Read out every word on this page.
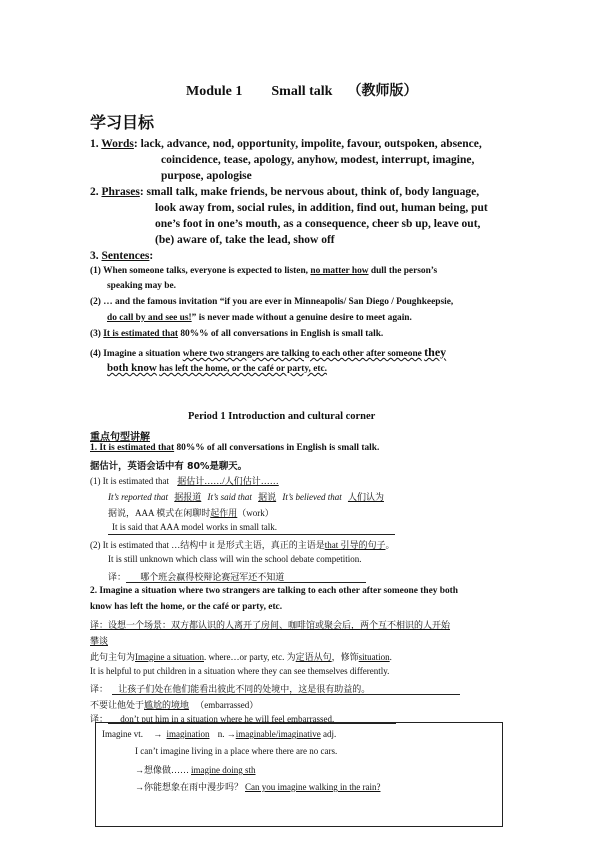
Module 1 Small talk （教师版）
学习目标
1. Words: lack, advance, nod, opportunity, impolite, favour, outspoken, absence,
coincidence, tease, apology, anyhow, modest, interrupt, imagine,
purpose, apologise
2. Phrases: small talk, make friends, be nervous about, think of, body language,
look away from, social rules, in addition, find out, human being, put
one’s foot in one’s mouth, as a consequence, cheer sb up, leave out,
(be) aware of, take the lead, show off
3. Sentences:
(1) When someone talks, everyone is expected to listen, no matter how dull the person’s
speaking may be.
(2) … and the famous invitation “if you are ever in Minneapolis/ San Diego / Poughkeepsie,
do call by and see us!” is never made without a genuine desire to meet again.
(3) It is estimated that 80%% of all conversations in English is small talk.
(4) Imagine a situation where two strangers are talking to each other after someone they
both know has left the home, or the café or party, etc.
Period 1 Introduction and cultural corner
重点句型讲解
1. It is estimated that 80%% of all conversations in English is small talk.
据估计，英语会话中有 80%是聊天。
(1) It is estimated that 据估计……/人们估计……
It’s reported that 据报道 It’s said that 据说 It’s believed that 人们认为
据说，AAA 模式在闲聊时起作用（work）
It is said that AAA model works in small talk.
(2) It is estimated that …结构中 it 是形式主语，真正的主语是that 引导的句子。
It is still unknown which class will win the school debate competition.
译： 哪个班会赢得校辩论赛冠军还不知道
2. Imagine a situation where two strangers are talking to each other after someone they both
know has left the home, or the café or party, etc.
译：设想一个场景：双方都认识的人离开了房间、咖啡馆或聚会后，两个互不相识的人开始
攀谈
此句主句为Imagine a situation. where…or party, etc. 为定语从句，修饰situation.
It is helpful to put children in a situation where they can see themselves differently.
译： 让孩子们处在他们能看出彼此不同的处境中，这是很有助益的。
不要让他处于尴尬的境地 （embarrassed）
译： don’t put him in a situation where he will feel embarrassed.
Imagine vt. → imagination n. →imaginable/imaginative adj.
I can’t imagine living in a place where there are no cars.
→想像做…… imagine doing sth
→你能想象在雨中漫步吗？ Can you imagine walking in the rain?
